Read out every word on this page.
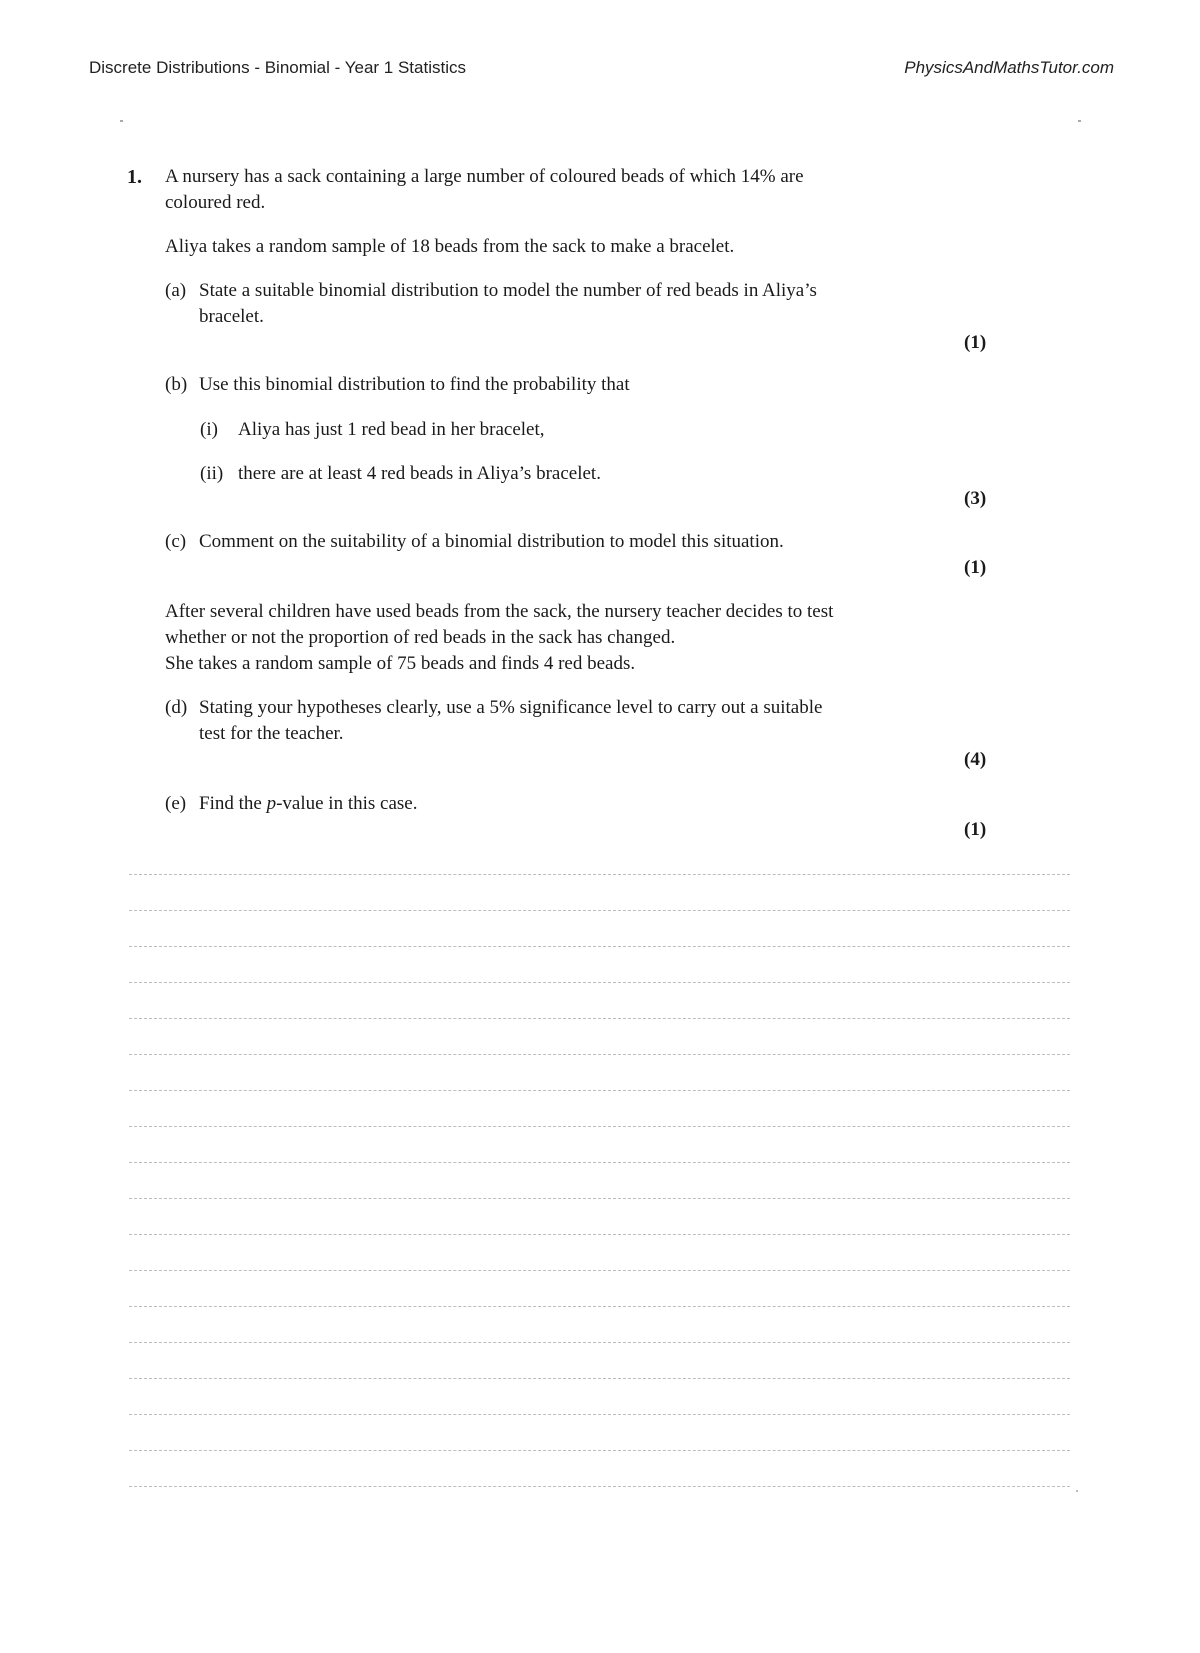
Discrete Distributions - Binomial - Year 1 Statistics	PhysicsAndMathsTutor.com
1. A nursery has a sack containing a large number of coloured beads of which 14% are
coloured red.
Aliya takes a random sample of 18 beads from the sack to make a bracelet.
(a) State a suitable binomial distribution to model the number of red beads in Aliya’s
bracelet.
(1)
(b) Use this binomial distribution to find the probability that
(i) Aliya has just 1 red bead in her bracelet,
(ii) there are at least 4 red beads in Aliya’s bracelet.
(3)
(c) Comment on the suitability of a binomial distribution to model this situation.
(1)
After several children have used beads from the sack, the nursery teacher decides to test
whether or not the proportion of red beads in the sack has changed.
She takes a random sample of 75 beads and finds 4 red beads.
(d) Stating your hypotheses clearly, use a 5% significance level to carry out a suitable
test for the teacher.
(4)
(e) Find the p-value in this case.
(1)
